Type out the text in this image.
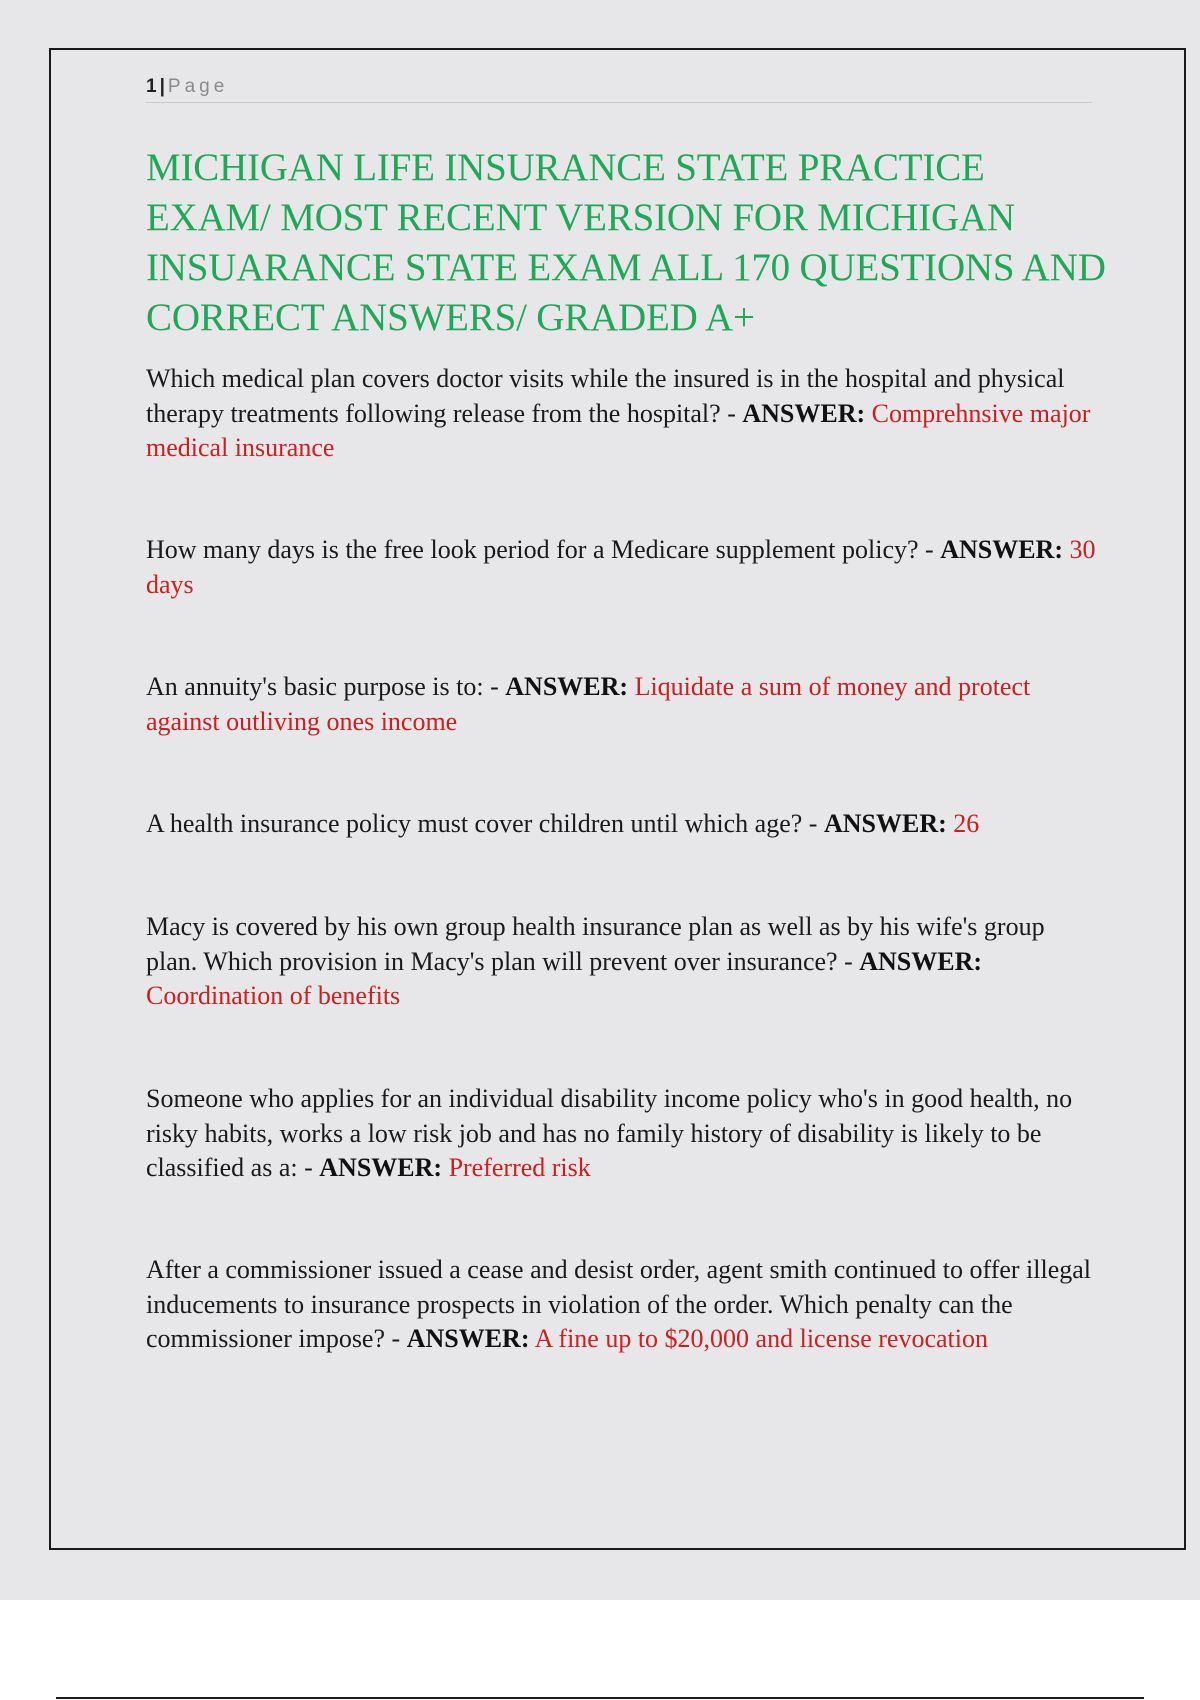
1 | Page
MICHIGAN LIFE INSURANCE STATE PRACTICE EXAM/ MOST RECENT VERSION FOR MICHIGAN INSUARANCE STATE EXAM ALL 170 QUESTIONS AND CORRECT ANSWERS/ GRADED A+

Which medical plan covers doctor visits while the insured is in the hospital and physical therapy treatments following release from the hospital? - ANSWER: Comprehnsive major medical insurance

How many days is the free look period for a Medicare supplement policy? - ANSWER: 30 days

An annuity's basic purpose is to: - ANSWER: Liquidate a sum of money and protect against outliving ones income

A health insurance policy must cover children until which age? - ANSWER: 26

Macy is covered by his own group health insurance plan as well as by his wife's group plan. Which provision in Macy's plan will prevent over insurance? - ANSWER: Coordination of benefits

Someone who applies for an individual disability income policy who's in good health, no risky habits, works a low risk job and has no family history of disability is likely to be classified as a: - ANSWER: Preferred risk

After a commissioner issued a cease and desist order, agent smith continued to offer illegal inducements to insurance prospects in violation of the order. Which penalty can the commissioner impose? - ANSWER: A fine up to $20,000 and license revocation
